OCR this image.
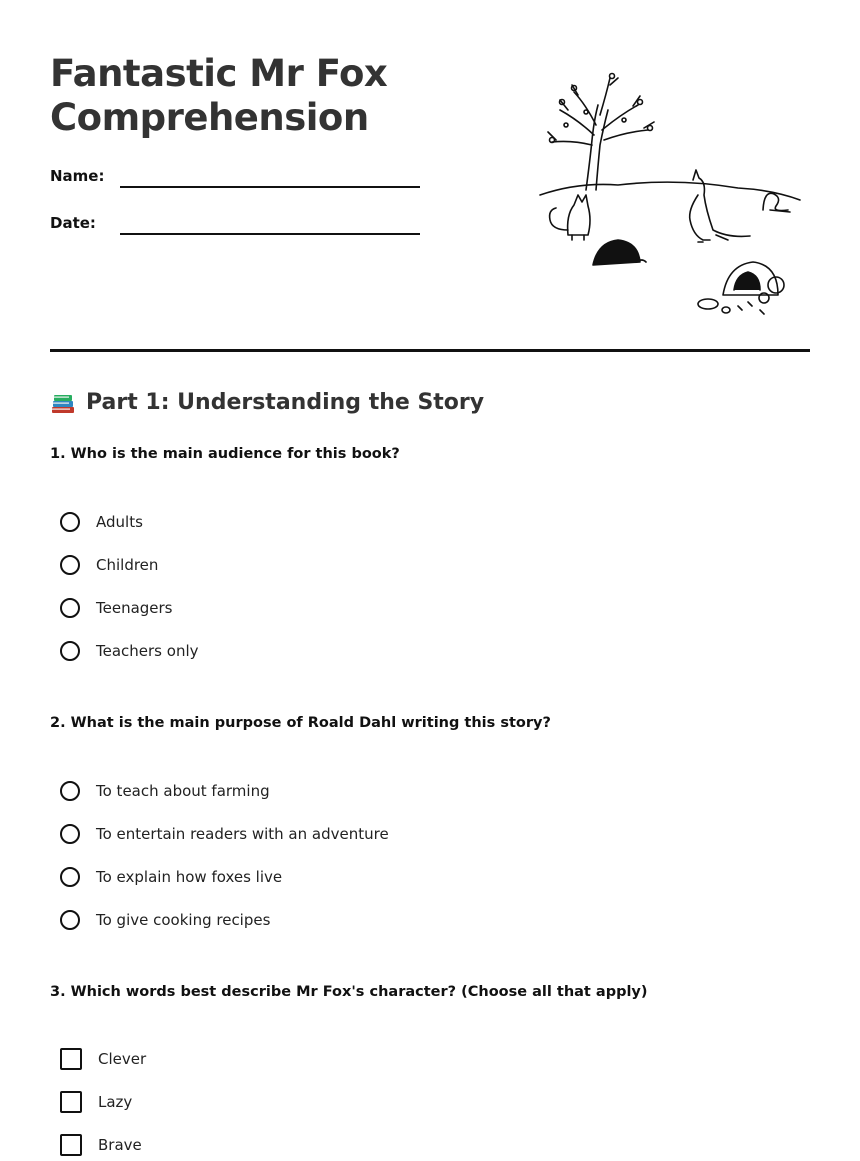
Fantastic Mr Fox
Comprehension
Name:
Date:
Part 1: Understanding the Story

1. Who is the main audience for this book?

Adults
Children
Teenagers
Teachers only

2. What is the main purpose of Roald Dahl writing this story?

To teach about farming
To entertain readers with an adventure
To explain how foxes live
To give cooking recipes

3. Which words best describe Mr Fox's character? (Choose all that apply)

Clever
Lazy
Brave
